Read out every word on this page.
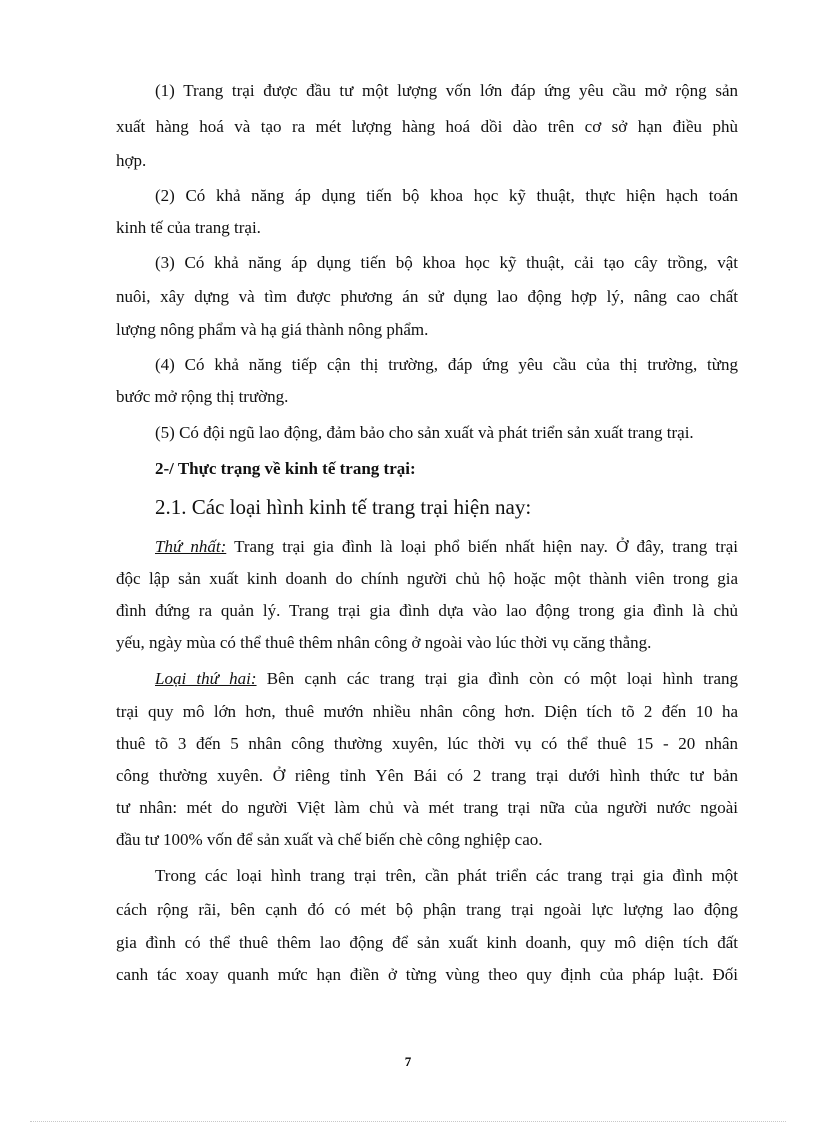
(1) Trang trại được đầu tư một lượng vốn lớn đáp ứng yêu cầu mở rộng sản

xuất hàng hoá và tạo ra mét lượng hàng hoá dồi dào trên cơ sở hạn điều phù

hợp.

(2) Có khả năng áp dụng tiến bộ khoa học kỹ thuật, thực hiện hạch toán

kinh tế của trang trại.

(3) Có khả năng áp dụng tiến bộ khoa học kỹ thuật, cải tạo cây trồng, vật

nuôi, xây dựng và tìm được phương án sử dụng lao động hợp lý, nâng cao chất

lượng nông phẩm và hạ giá thành nông phẩm.

(4) Có khả năng tiếp cận thị trường, đáp ứng yêu cầu của thị trường, từng

bước mở rộng thị trường.

(5) Có đội ngũ lao động, đảm bảo cho sản xuất và phát triển sản xuất trang trại.

2-/ Thực trạng về kinh tế trang trại:

2.1. Các loại hình kinh tế trang trại hiện nay:

Thứ nhất: Trang trại gia đình là loại phổ biến nhất hiện nay. Ở đây, trang trại

độc lập sản xuất kinh doanh do chính người chủ hộ hoặc một thành viên trong gia

đình đứng ra quản lý. Trang trại gia đình dựa vào lao động trong gia đình là chủ

yếu, ngày mùa có thể thuê thêm nhân công ở ngoài vào lúc thời vụ căng thẳng.

Loại thứ hai: Bên cạnh các trang trại gia đình còn có một loại hình trang

trại quy mô lớn hơn, thuê mướn nhiều nhân công hơn. Diện tích tõ 2 đến 10 ha

thuê tõ 3 đến 5 nhân công thường xuyên, lúc thời vụ có thể thuê 15 - 20 nhân

công thường xuyên. Ở riêng tỉnh Yên Bái có 2 trang trại dưới hình thức tư bản

tư nhân: mét do người Việt làm chủ và mét trang trại nữa của người nước ngoài

đầu tư 100% vốn để sản xuất và chế biến chè công nghiệp cao.

Trong các loại hình trang trại trên, cần phát triển các trang trại gia đình một

cách rộng rãi, bên cạnh đó có mét bộ phận trang trại ngoài lực lượng lao động

gia đình có thể thuê thêm lao động để sản xuất kinh doanh, quy mô diện tích đất

canh tác xoay quanh mức hạn điền ở từng vùng theo quy định của pháp luật. Đối

7
